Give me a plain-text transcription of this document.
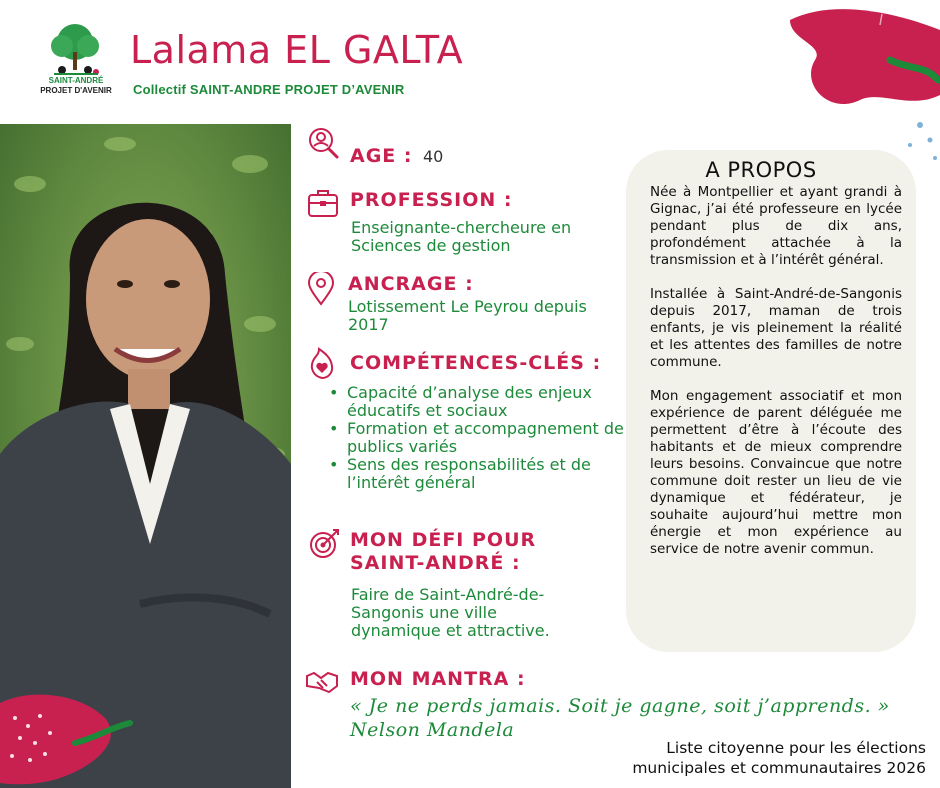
SAINT-ANDRÉ
PROJET D'AVENIR
Lalama EL GALTA
Collectif SAINT-ANDRE PROJET D’AVENIR
AGE : 40
PROFESSION :
Enseignante-chercheure en Sciences de gestion
ANCRAGE :
Lotissement Le Peyrou depuis 2017
COMPÉTENCES-CLÉS :
• Capacité d’analyse des enjeux éducatifs et sociaux
• Formation et accompagnement de publics variés
• Sens des responsabilités et de l’intérêt général
MON DÉFI POUR
SAINT-ANDRÉ :
Faire de Saint-André-de-Sangonis une ville dynamique et attractive.
MON MANTRA :
« Je ne perds jamais. Soit je gagne, soit j’apprends. »
Nelson Mandela
A PROPOS

Née à Montpellier et ayant grandi à Gignac, j’ai été professeure en lycée pendant plus de dix ans, profondément attachée à la transmission et à l’intérêt général.

Installée à Saint-André-de-Sangonis depuis 2017, maman de trois enfants, je vis pleinement la réalité et les attentes des familles de notre commune.

Mon engagement associatif et mon expérience de parent déléguée me permettent d’être à l’écoute des habitants et de mieux comprendre leurs besoins. Convaincue que notre commune doit rester un lieu de vie dynamique et fédérateur, je souhaite aujourd’hui mettre mon énergie et mon expérience au service de notre avenir commun.

Liste citoyenne pour les élections
municipales et communautaires 2026
